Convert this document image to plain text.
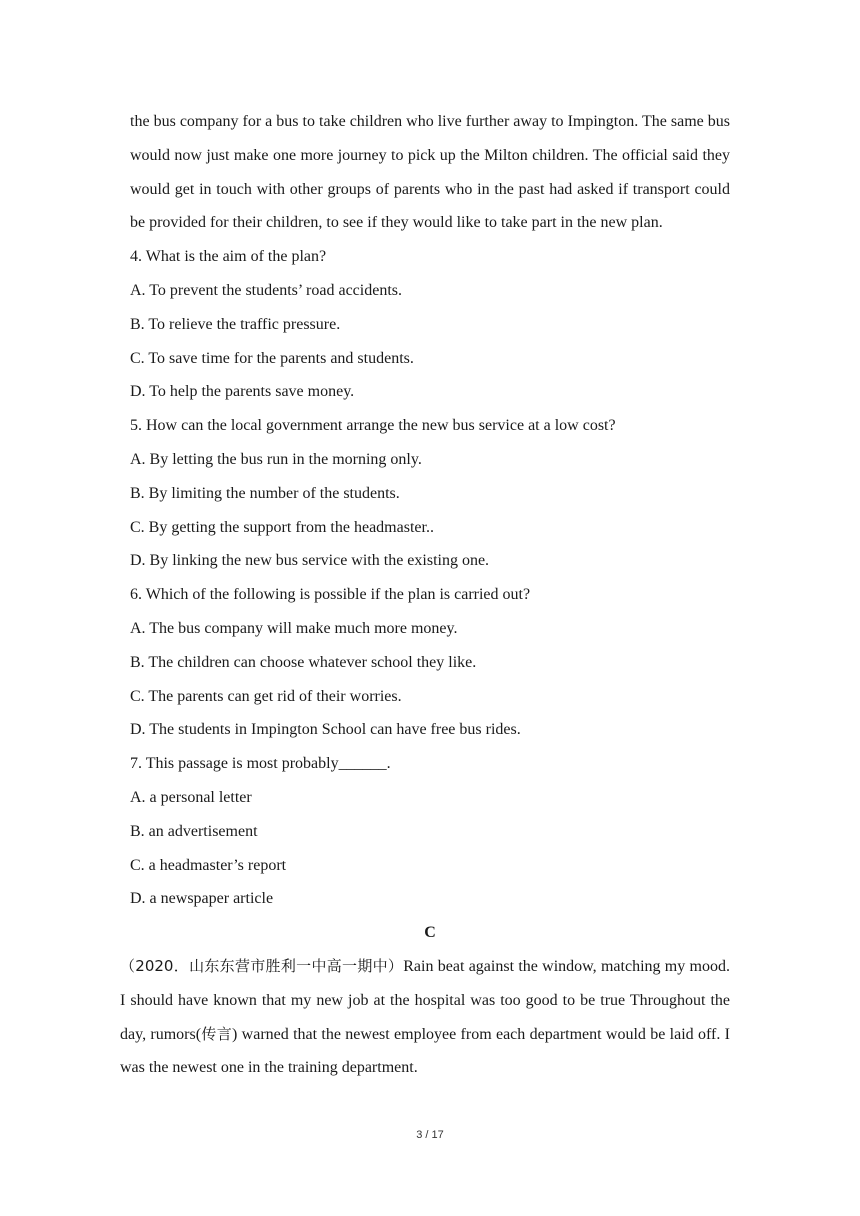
the bus company for a bus to take children who live further away to Impington. The same bus would now just make one more journey to pick up the Milton children. The official said they would get in touch with other groups of parents who in the past had asked if transport could be provided for their children, to see if they would like to take part in the new plan.

4. What is the aim of the plan?

A. To prevent the students’ road accidents.

B. To relieve the traffic pressure.

C. To save time for the parents and students.

D. To help the parents save money.

5. How can the local government arrange the new bus service at a low cost?

A. By letting the bus run in the morning only.

B. By limiting the number of the students.

C. By getting the support from the headmaster..

D. By linking the new bus service with the existing one.

6. Which of the following is possible if the plan is carried out?

A. The bus company will make much more money.

B. The children can choose whatever school they like.

C. The parents can get rid of their worries.

D. The students in Impington School can have free bus rides.

7. This passage is most probably______.

A. a personal letter

B. an advertisement

C. a headmaster’s report

D. a newspaper article

C

（2020．山东东营市胜利一中高一期中）Rain beat against the window, matching my mood. I should have known that my new job at the hospital was too good to be true Throughout the day, rumors(传言) warned that the newest employee from each department would be laid off. I was the newest one in the training department.

3 / 17
